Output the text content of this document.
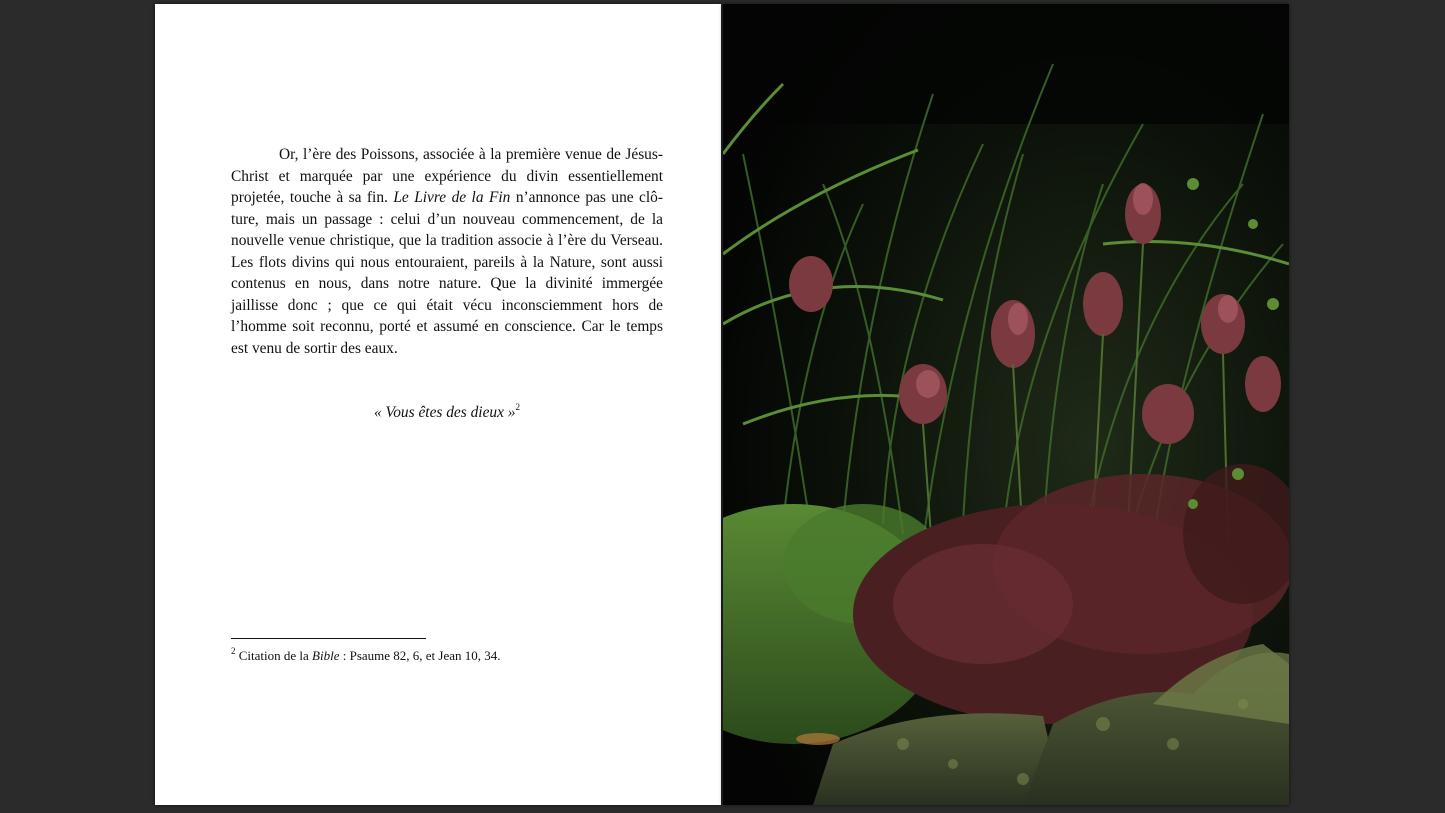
Or, l’ère des Poissons, associée à la première venue de Jésus-Christ et marquée par une expérience du divin essentiellement projetée, touche à sa fin. Le Livre de la Fin n’annonce pas une clôture, mais un passage : celui d’un nouveau commencement, de la nouvelle venue christique, que la tradition associe à l’ère du Verseau. Les flots divins qui nous entouraient, pareils à la Nature, sont aussi contenus en nous, dans notre nature. Que la divinité immergée jaillisse donc ; que ce qui était vécu inconsciemment hors de l’homme soit reconnu, porté et assumé en conscience. Car le temps est venu de sortir des eaux.

« Vous êtes des dieux »$^2$

$^2$ Citation de la Bible : Psaume 82, 6, et Jean 10, 34.
